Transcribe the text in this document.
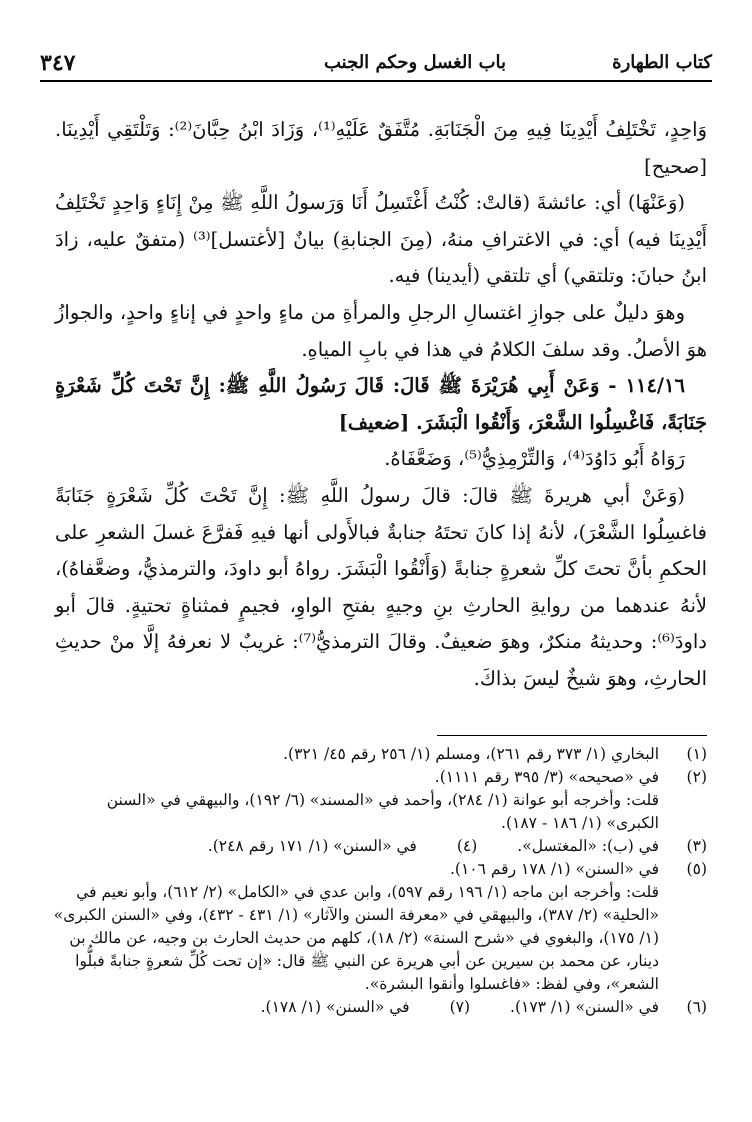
كتاب الطهارة
باب الغسل وحكم الجنب
٣٤٧

وَاحِدٍ، تَخْتَلِفُ أَيْدِينَا فِيهِ مِنَ الْجَنَابَةِ. مُتَّفَقٌ عَلَيْهِ⁽¹⁾، وَزَادَ ابْنُ حِبَّانَ⁽²⁾: وَتَلْتَقِي أَيْدِينَا. [صحيح]

(وَعَنْهَا) أي: عائشةَ (قالتْ: كُنْتُ أَغْتَسِلُ أَنَا وَرَسولُ اللَّهِ ﷺ مِنْ إِنَاءٍ وَاحِدٍ تَخْتَلِفُ أَيْدِينَا فيه) أي: في الاغترافِ منهُ، (مِنَ الجنابةِ) بيانٌ [لأغتسل]⁽³⁾ (متفقٌ عليه، زادَ ابنُ حبانَ: وتلتقي) أي تلتقي (أيدينا) فيه.

وهوَ دليلٌ على جوازِ اغتسالِ الرجلِ والمرأةِ من ماءٍ واحدٍ في إناءٍ واحدٍ، والجوازُ هوَ الأصلُ. وقد سلفَ الكلامُ في هذا في بابِ المياهِ.

١١٤/١٦ - وَعَنْ أَبِي هُرَيْرَةَ ﷺ قَالَ: قَالَ رَسُولُ اللَّهِ ﷺ: إِنَّ تَحْتَ كُلِّ شَعْرَةٍ جَنَابَةً، فَاغْسِلُوا الشَّعْرَ، وَأَنْقُوا الْبَشَرَ. [ضعيف]

رَوَاهُ أَبُو دَاوُدَ⁽⁴⁾، وَالتِّرْمِذِيُّ⁽⁵⁾، وَضَعَّفَاهُ.

(وَعَنْ أبي هريرةَ ﷺ قالَ: قالَ رسولُ اللَّهِ ﷺ: إِنَّ تَحْتَ كُلِّ شَعْرَةٍ جَنَابَةً فاغسِلُوا الشَّعْرَ)، لأنهُ إذا كانَ تحتَهُ جنابةٌ فبالأَولى أنها فيهِ فَفرَّعَ غسلَ الشعرِ على الحكمِ بأنَّ تحتَ كلِّ شعرةٍ جنابةً (وَأَنْقُوا الْبَشَرَ. رواهُ أبو داودَ، والترمذيُّ، وضعَّفاهُ)، لأنهُ عندهما من روايةِ الحارثِ بنِ وجيهٍ بفتحِ الواوِ، فجيمٍ فمثناةٍ تحتيةٍ. قالَ أبو داودَ⁽⁶⁾: وحديثهُ منكرٌ، وهوَ ضعيفٌ. وقالَ الترمذيُّ⁽⁷⁾: غريبٌ لا نعرفهُ إلَّا منْ حديثِ الحارثِ، وهوَ شيخٌ ليسَ بذاكَ.

(١)

البخاري (١/ ٣٧٣ رقم ٢٦١)، ومسلم (١/ ٢٥٦ رقم ٤٥/ ٣٢١).

(٢)

في «صحيحه» (٣/ ٣٩٥ رقم ١١١١).

قلت: وأخرجه أبو عوانة (١/ ٢٨٤)، وأحمد في «المسند» (٦/ ١٩٢)، والبيهقي في «السنن الكبرى» (١/ ١٨٦ - ١٨٧).

(٣)
في (ب): «المغتسل».
(٤)
في «السنن» (١/ ١٧١ رقم ٢٤٨).
(٥)

في «السنن» (١/ ١٧٨ رقم ١٠٦).

قلت: وأخرجه ابن ماجه (١/ ١٩٦ رقم ٥٩٧)، وابن عدي في «الكامل» (٢/ ٦١٢)، وأبو نعيم في «الحلية» (٢/ ٣٨٧)، والبيهقي في «معرفة السنن والآثار» (١/ ٤٣١ - ٤٣٢)، وفي «السنن الكبرى» (١/ ١٧٥)، والبغوي في «شرح السنة» (٢/ ١٨)، كلهم من حديث الحارث بن وجيه، عن مالك بن دينار، عن محمد بن سيرين عن أبي هريرة عن النبي ﷺ قال: «إن تحت كُلِّ شعرةٍ جنابةً فبلُّوا الشعر»، وفي لفظ: «فاغسلوا وأنقوا البشرة».

(٦)
في «السنن» (١/ ١٧٣).
(٧)
في «السنن» (١/ ١٧٨).
